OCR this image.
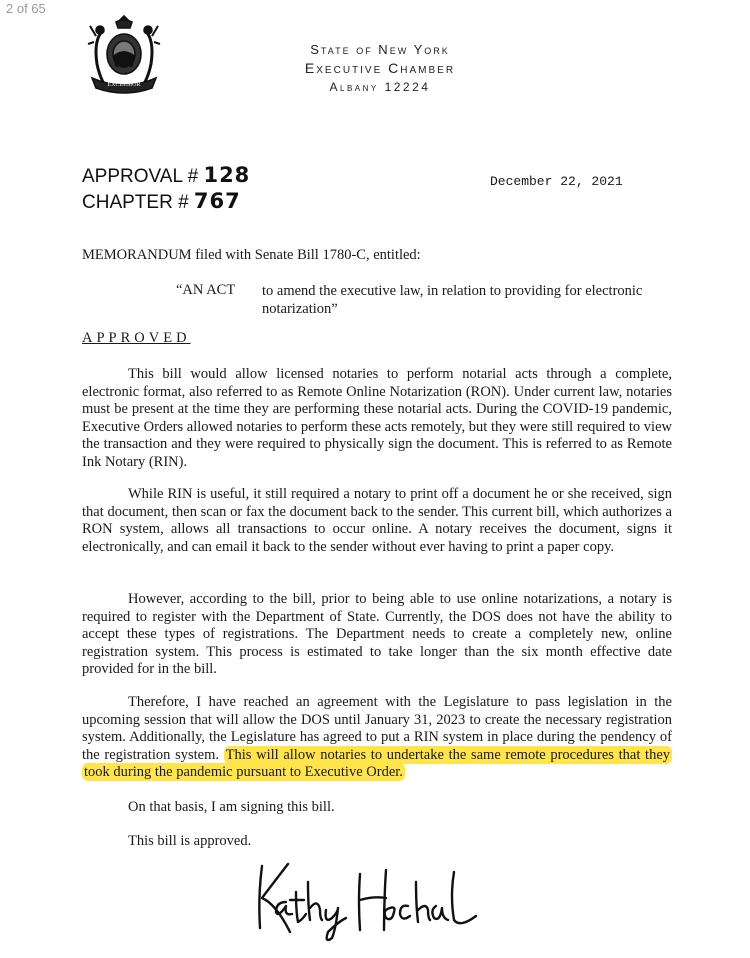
2 of 65
EXCELSIOR
State of New York
Executive Chamber
Albany 12224
APPROVAL # 128
CHAPTER # 767
December 22, 2021
MEMORANDUM filed with Senate Bill 1780-C, entitled:
“AN ACT to amend the executive law, in relation to providing for electronic notarization”
APPROVED

This bill would allow licensed notaries to perform notarial acts through a complete, electronic format, also referred to as Remote Online Notarization (RON). Under current law, notaries must be present at the time they are performing these notarial acts. During the COVID-19 pandemic, Executive Orders allowed notaries to perform these acts remotely, but they were still required to view the transaction and they were required to physically sign the document. This is referred to as Remote Ink Notary (RIN).

While RIN is useful, it still required a notary to print off a document he or she received, sign that document, then scan or fax the document back to the sender. This current bill, which authorizes a RON system, allows all transactions to occur online. A notary receives the document, signs it electronically, and can email it back to the sender without ever having to print a paper copy.

However, according to the bill, prior to being able to use online notarizations, a notary is required to register with the Department of State. Currently, the DOS does not have the ability to accept these types of registrations. The Department needs to create a completely new, online registration system. This process is estimated to take longer than the six month effective date provided for in the bill.

Therefore, I have reached an agreement with the Legislature to pass legislation in the upcoming session that will allow the DOS until January 31, 2023 to create the necessary registration system. Additionally, the Legislature has agreed to put a RIN system in place during the pendency of the registration system. This will allow notaries to undertake the same remote procedures that they took during the pandemic pursuant to Executive Order.

On that basis, I am signing this bill.
This bill is approved.
